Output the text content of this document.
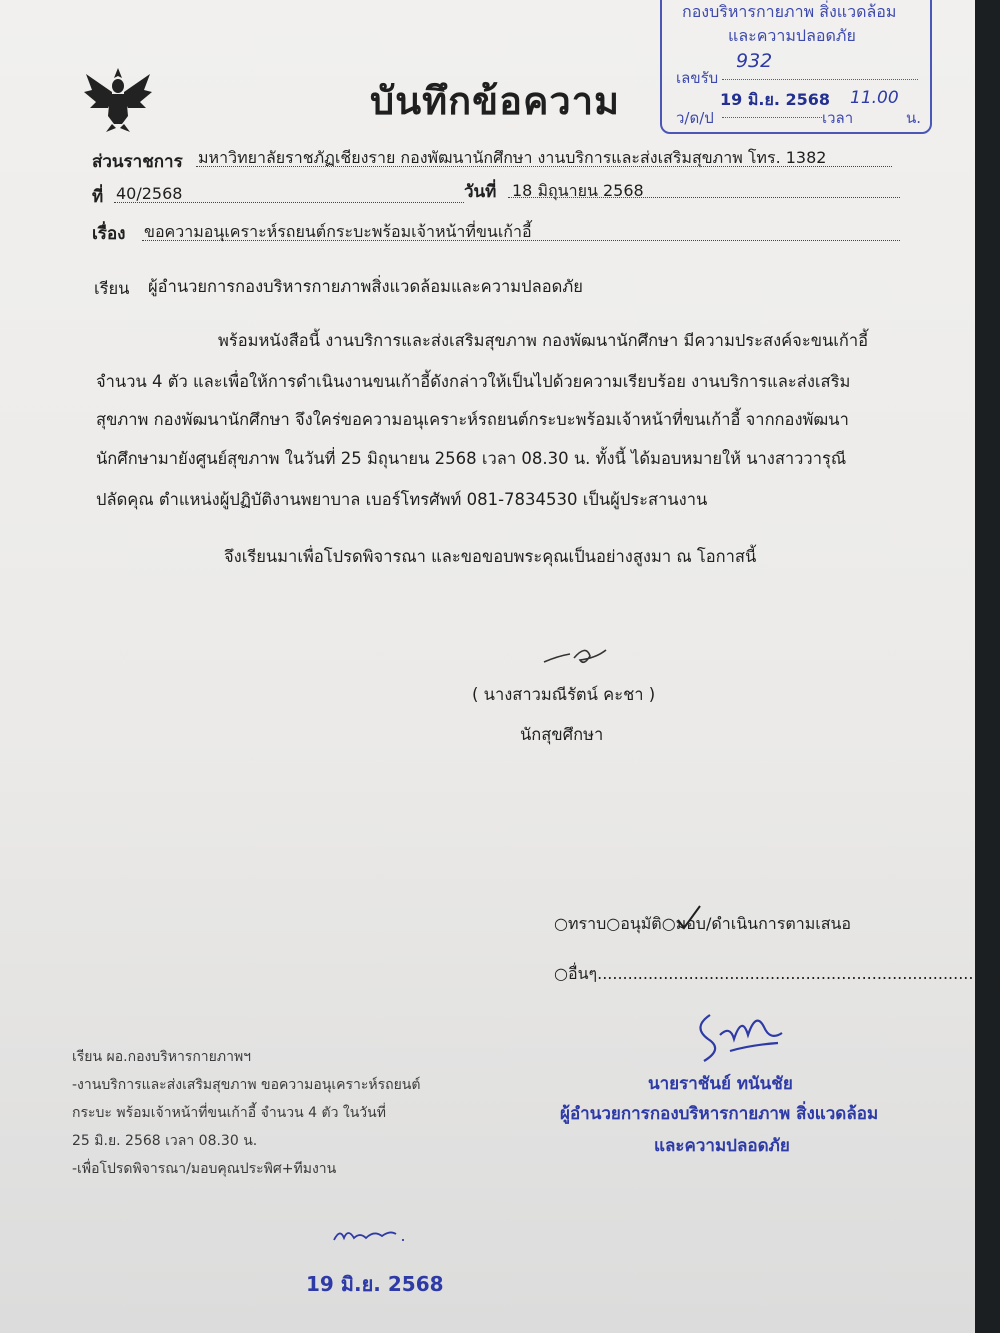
บันทึกข้อความ
กองบริหารกายภาพ สิ่งแวดล้อม
และความปลอดภัย
เลขรับ
932
ว/ด/ป
19 มิ.ย. 2568
เวลา
11.00
น.
ส่วนราชการ มหาวิทยาลัยราชภัฏเชียงราย กองพัฒนานักศึกษา งานบริการและส่งเสริมสุขภาพ โทร. 1382
ที่ 40/2568	วันที่ 18 มิถุนายน 2568
เรื่อง ขอความอนุเคราะห์รถยนต์กระบะพร้อมเจ้าหน้าที่ขนเก้าอี้
เรียน ผู้อำนวยการกองบริหารกายภาพสิ่งแวดล้อมและความปลอดภัย
พร้อมหนังสือนี้ งานบริการและส่งเสริมสุขภาพ กองพัฒนานักศึกษา มีความประสงค์จะขนเก้าอี้
จำนวน 4 ตัว และเพื่อให้การดำเนินงานขนเก้าอี้ดังกล่าวให้เป็นไปด้วยความเรียบร้อย งานบริการและส่งเสริม
สุขภาพ กองพัฒนานักศึกษา จึงใคร่ขอความอนุเคราะห์รถยนต์กระบะพร้อมเจ้าหน้าที่ขนเก้าอี้ จากกองพัฒนา
นักศึกษามายังศูนย์สุขภาพ ในวันที่ 25 มิถุนายน 2568 เวลา 08.30 น. ทั้งนี้ ได้มอบหมายให้ นางสาววารุณี
ปลัดคุณ ตำแหน่งผู้ปฏิบัติงานพยาบาล เบอร์โทรศัพท์ 081-7834530 เป็นผู้ประสานงาน
จึงเรียนมาเพื่อโปรดพิจารณา และขอขอบพระคุณเป็นอย่างสูงมา ณ โอกาสนี้
( นางสาวมณีรัตน์ คะชา )
นักสุขศึกษา
○ทราบ○อนุมัติ○มอบ/ดำเนินการตามเสนอ
○อื่นๆ...............................................................................
นายราชันย์ ทนันชัย
ผู้อำนวยการกองบริหารกายภาพ สิ่งแวดล้อม
และความปลอดภัย
เรียน ผอ.กองบริหารกายภาพฯ
-งานบริการและส่งเสริมสุขภาพ ขอความอนุเคราะห์รถยนต์
กระบะ พร้อมเจ้าหน้าที่ขนเก้าอี้ จำนวน 4 ตัว ในวันที่
25 มิ.ย. 2568 เวลา 08.30 น.
-เพื่อโปรดพิจารณา/มอบคุณประพิศ+ทีมงาน
19 มิ.ย. 2568
